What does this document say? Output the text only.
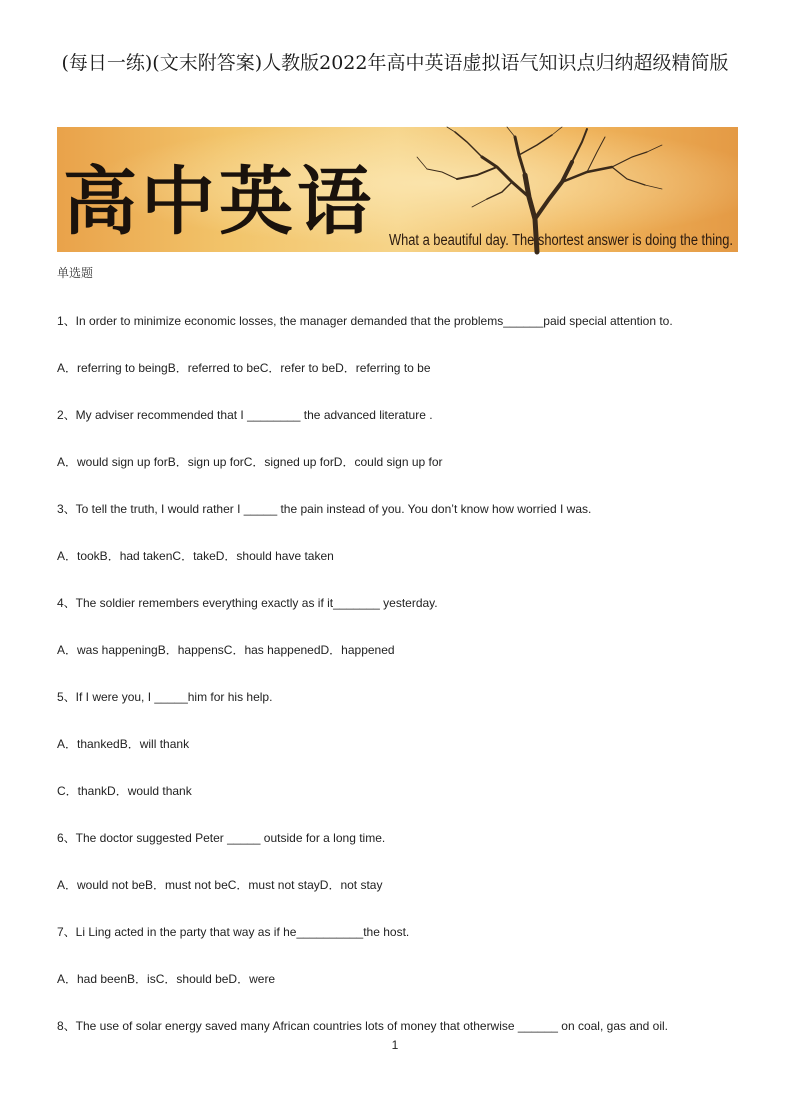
(每日一练)(文末附答案)人教版2022年高中英语虚拟语气知识点归纳超级精简版
高中英语 What a beautiful day. The shortest answer is doing the thing.
单选题
1、In order to minimize economic losses, the manager demanded that the problems______paid special attention to.
A．referring to beingB．referred to beC．refer to beD．referring to be
2、My adviser recommended that I ________ the advanced literature .
A．would sign up forB．sign up forC．signed up forD．could sign up for
3、To tell the truth, I would rather I _____ the pain instead of you. You don’t know how worried I was.
A．tookB．had takenC．takeD．should have taken
4、The soldier remembers everything exactly as if it_______ yesterday.
A．was happeningB．happensC．has happenedD．happened
5、If I were you, I _____him for his help.
A．thankedB．will thank
C．thankD．would thank
6、The doctor suggested Peter _____ outside for a long time.
A．would not beB．must not beC．must not stayD．not stay
7、Li Ling acted in the party that way as if he__________the host.
A．had beenB．isC．should beD．were
8、The use of solar energy saved many African countries lots of money that otherwise ______ on coal, gas and oil.
1
